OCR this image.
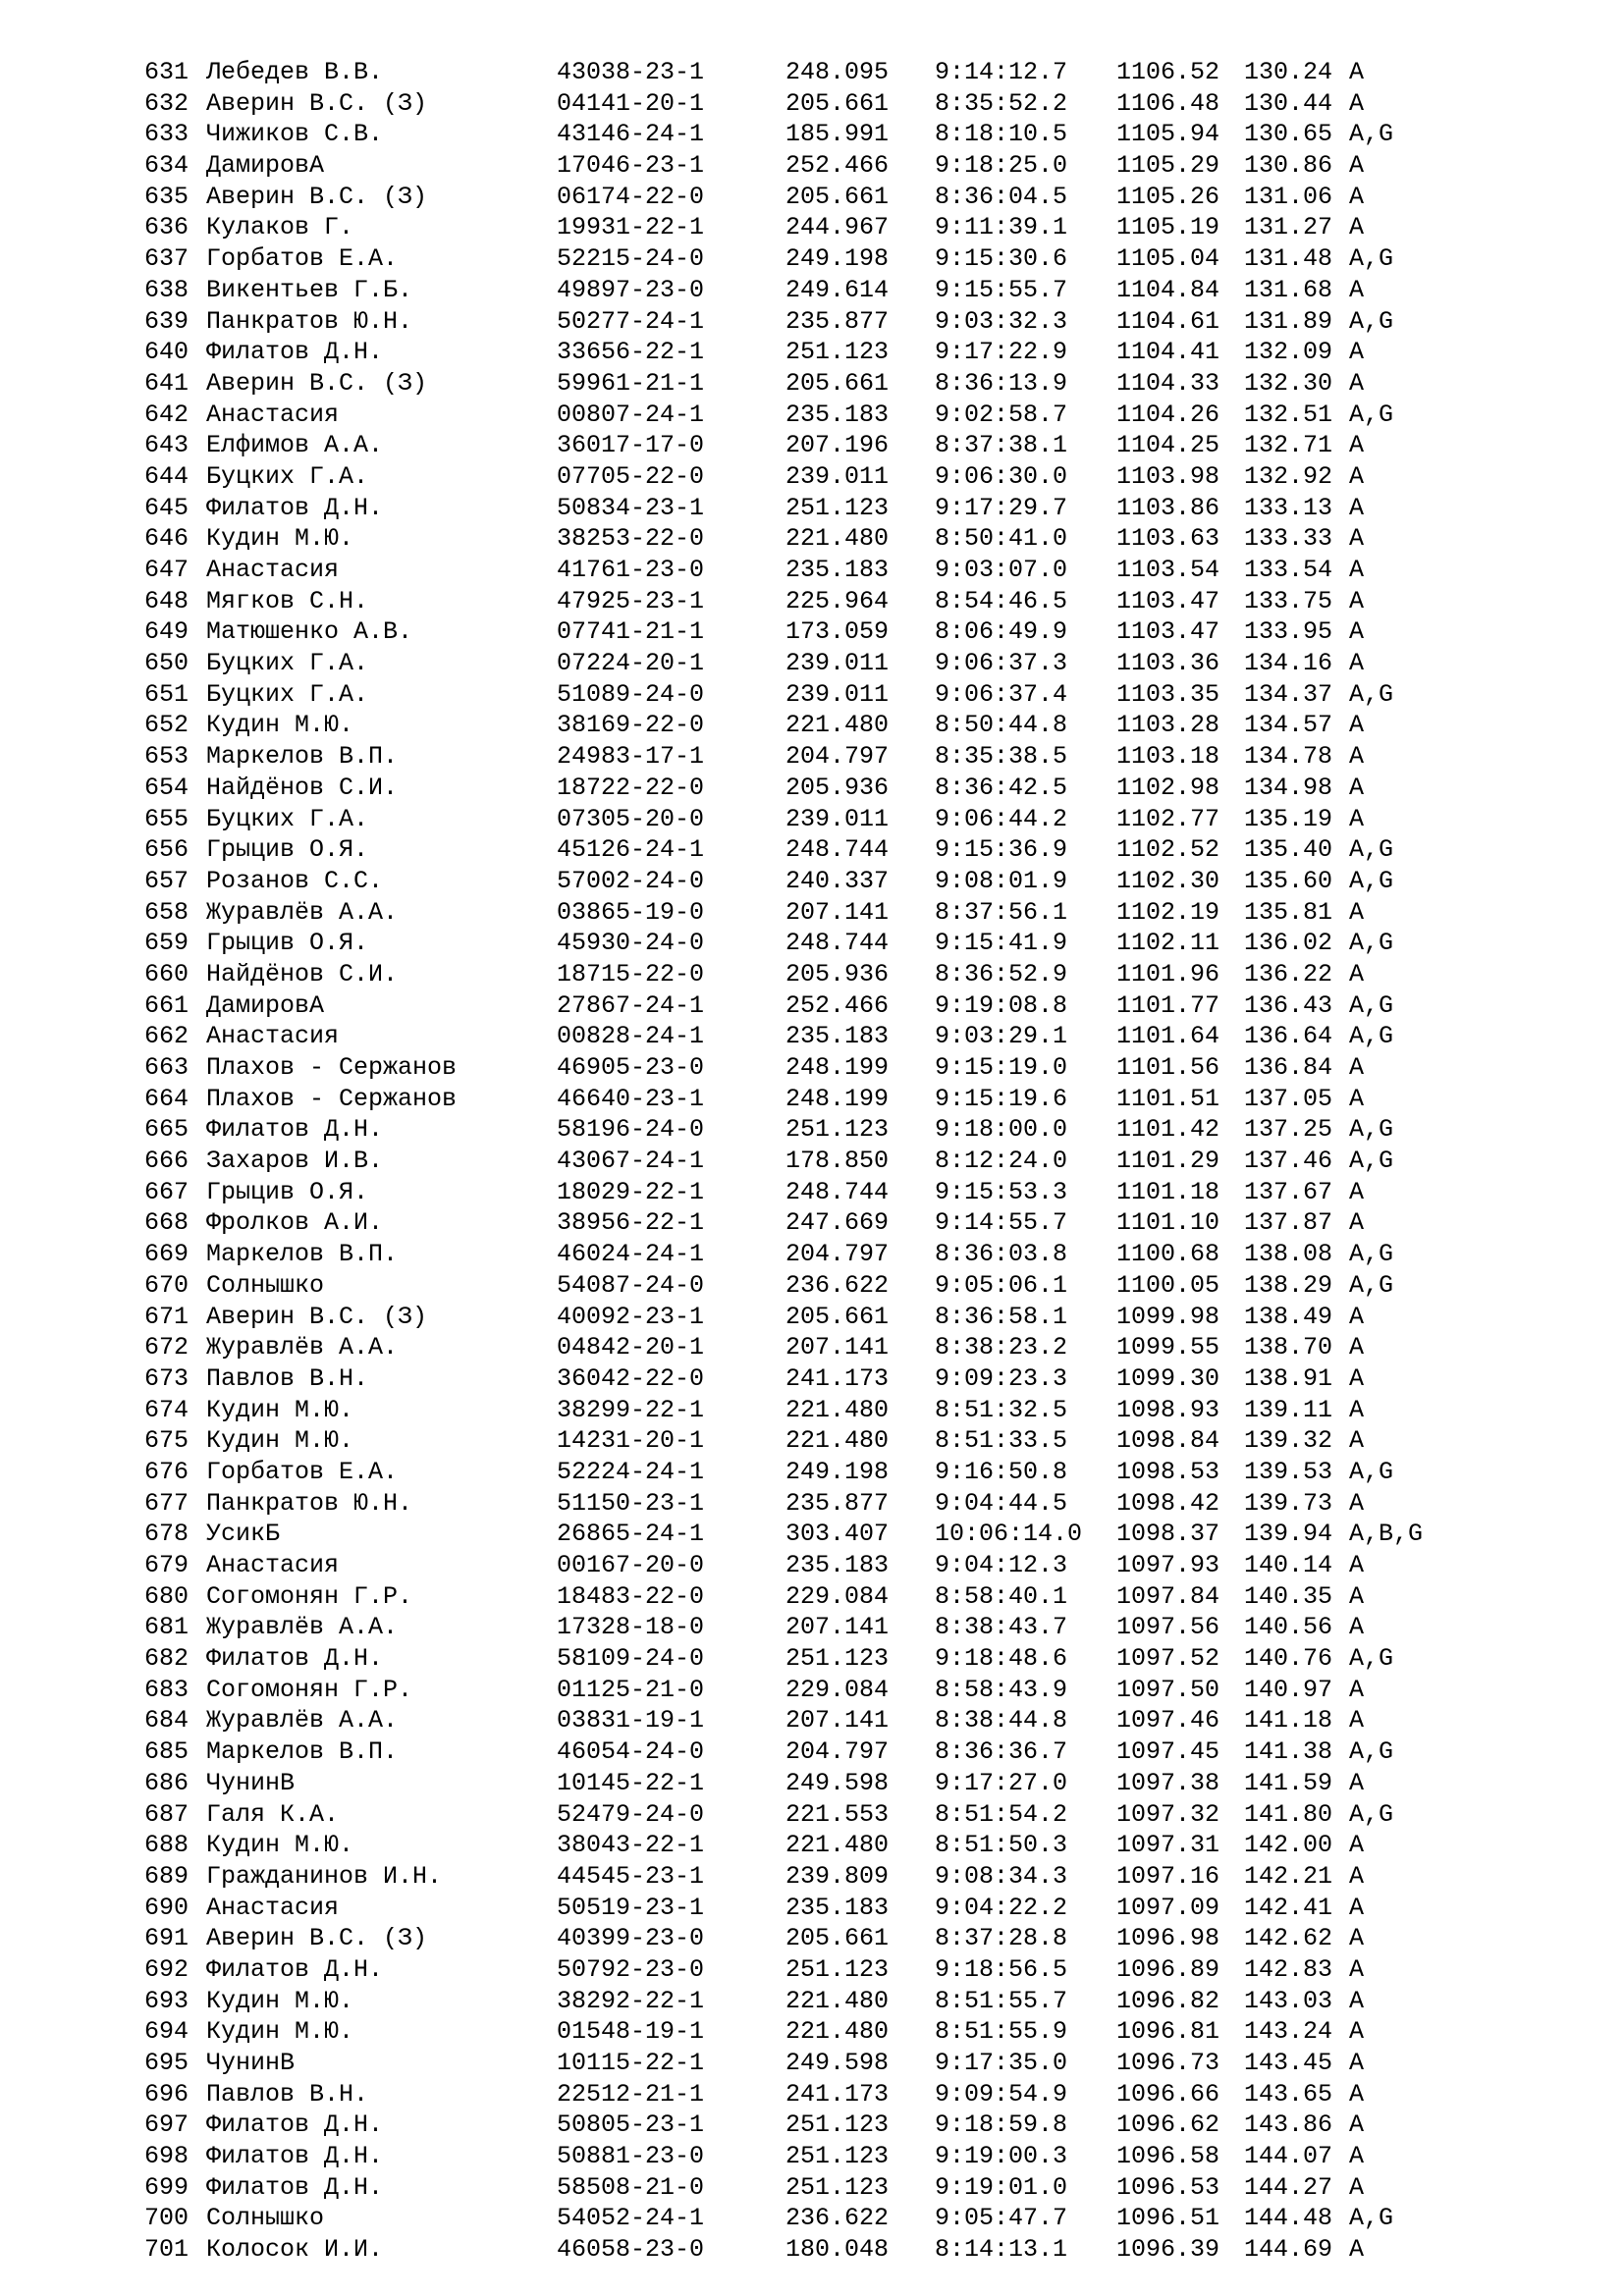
631 Лебедев В.В.	43038-23-1	248.095	9:14:12.7	1106.52 130.24 A
632 Аверин В.С. (З)	04141-20-1	205.661	8:35:52.2	1106.48 130.44 A
633 Чижиков С.В.	43146-24-1	185.991	8:18:10.5	1105.94 130.65 A,G
634 ДамировА	17046-23-1	252.466	9:18:25.0	1105.29 130.86 A
635 Аверин В.С. (З)	06174-22-0	205.661	8:36:04.5	1105.26 131.06 A
636 Кулаков Г.	19931-22-1	244.967	9:11:39.1	1105.19 131.27 A
637 Горбатов Е.А.	52215-24-0	249.198	9:15:30.6	1105.04 131.48 A,G
638 Викентьев Г.Б.	49897-23-0	249.614	9:15:55.7	1104.84 131.68 A
639 Панкратов Ю.Н.	50277-24-1	235.877	9:03:32.3	1104.61 131.89 A,G
640 Филатов Д.Н.	33656-22-1	251.123	9:17:22.9	1104.41 132.09 A
641 Аверин В.С. (З)	59961-21-1	205.661	8:36:13.9	1104.33 132.30 A
642 Анастасия	00807-24-1	235.183	9:02:58.7	1104.26 132.51 A,G
643 Елфимов А.А.	36017-17-0	207.196	8:37:38.1	1104.25 132.71 A
644 Буцких Г.А.	07705-22-0	239.011	9:06:30.0	1103.98 132.92 A
645 Филатов Д.Н.	50834-23-1	251.123	9:17:29.7	1103.86 133.13 A
646 Кудин М.Ю.	38253-22-0	221.480	8:50:41.0	1103.63 133.33 A
647 Анастасия	41761-23-0	235.183	9:03:07.0	1103.54 133.54 A
648 Мягков С.Н.	47925-23-1	225.964	8:54:46.5	1103.47 133.75 A
649 Матюшенко А.В.	07741-21-1	173.059	8:06:49.9	1103.47 133.95 A
650 Буцких Г.А.	07224-20-1	239.011	9:06:37.3	1103.36 134.16 A
651 Буцких Г.А.	51089-24-0	239.011	9:06:37.4	1103.35 134.37 A,G
652 Кудин М.Ю.	38169-22-0	221.480	8:50:44.8	1103.28 134.57 A
653 Маркелов В.П.	24983-17-1	204.797	8:35:38.5	1103.18 134.78 A
654 Найдёнов С.И.	18722-22-0	205.936	8:36:42.5	1102.98 134.98 A
655 Буцких Г.А.	07305-20-0	239.011	9:06:44.2	1102.77 135.19 A
656 Грыцив О.Я.	45126-24-1	248.744	9:15:36.9	1102.52 135.40 A,G
657 Розанов С.С.	57002-24-0	240.337	9:08:01.9	1102.30 135.60 A,G
658 Журавлёв А.А.	03865-19-0	207.141	8:37:56.1	1102.19 135.81 A
659 Грыцив О.Я.	45930-24-0	248.744	9:15:41.9	1102.11 136.02 A,G
660 Найдёнов С.И.	18715-22-0	205.936	8:36:52.9	1101.96 136.22 A
661 ДамировА	27867-24-1	252.466	9:19:08.8	1101.77 136.43 A,G
662 Анастасия	00828-24-1	235.183	9:03:29.1	1101.64 136.64 A,G
663 Плахов - Сержанов	46905-23-0	248.199	9:15:19.0	1101.56 136.84 A
664 Плахов - Сержанов	46640-23-1	248.199	9:15:19.6	1101.51 137.05 A
665 Филатов Д.Н.	58196-24-0	251.123	9:18:00.0	1101.42 137.25 A,G
666 Захаров И.В.	43067-24-1	178.850	8:12:24.0	1101.29 137.46 A,G
667 Грыцив О.Я.	18029-22-1	248.744	9:15:53.3	1101.18 137.67 A
668 Фролков А.И.	38956-22-1	247.669	9:14:55.7	1101.10 137.87 A
669 Маркелов В.П.	46024-24-1	204.797	8:36:03.8	1100.68 138.08 A,G
670 Солнышко	54087-24-0	236.622	9:05:06.1	1100.05 138.29 A,G
671 Аверин В.С. (З)	40092-23-1	205.661	8:36:58.1	1099.98 138.49 A
672 Журавлёв А.А.	04842-20-1	207.141	8:38:23.2	1099.55 138.70 A
673 Павлов В.Н.	36042-22-0	241.173	9:09:23.3	1099.30 138.91 A
674 Кудин М.Ю.	38299-22-1	221.480	8:51:32.5	1098.93 139.11 A
675 Кудин М.Ю.	14231-20-1	221.480	8:51:33.5	1098.84 139.32 A
676 Горбатов Е.А.	52224-24-1	249.198	9:16:50.8	1098.53 139.53 A,G
677 Панкратов Ю.Н.	51150-23-1	235.877	9:04:44.5	1098.42 139.73 A
678 УсикБ	26865-24-1	303.407	10:06:14.0	1098.37 139.94 A,B,G
679 Анастасия	00167-20-0	235.183	9:04:12.3	1097.93 140.14 A
680 Согомонян Г.Р.	18483-22-0	229.084	8:58:40.1	1097.84 140.35 A
681 Журавлёв А.А.	17328-18-0	207.141	8:38:43.7	1097.56 140.56 A
682 Филатов Д.Н.	58109-24-0	251.123	9:18:48.6	1097.52 140.76 A,G
683 Согомонян Г.Р.	01125-21-0	229.084	8:58:43.9	1097.50 140.97 A
684 Журавлёв А.А.	03831-19-1	207.141	8:38:44.8	1097.46 141.18 A
685 Маркелов В.П.	46054-24-0	204.797	8:36:36.7	1097.45 141.38 A,G
686 ЧунинВ	10145-22-1	249.598	9:17:27.0	1097.38 141.59 A
687 Галя К.А.	52479-24-0	221.553	8:51:54.2	1097.32 141.80 A,G
688 Кудин М.Ю.	38043-22-1	221.480	8:51:50.3	1097.31 142.00 A
689 Гражданинов И.Н.	44545-23-1	239.809	9:08:34.3	1097.16 142.21 A
690 Анастасия	50519-23-1	235.183	9:04:22.2	1097.09 142.41 A
691 Аверин В.С. (З)	40399-23-0	205.661	8:37:28.8	1096.98 142.62 A
692 Филатов Д.Н.	50792-23-0	251.123	9:18:56.5	1096.89 142.83 A
693 Кудин М.Ю.	38292-22-1	221.480	8:51:55.7	1096.82 143.03 A
694 Кудин М.Ю.	01548-19-1	221.480	8:51:55.9	1096.81 143.24 A
695 ЧунинВ	10115-22-1	249.598	9:17:35.0	1096.73 143.45 A
696 Павлов В.Н.	22512-21-1	241.173	9:09:54.9	1096.66 143.65 A
697 Филатов Д.Н.	50805-23-1	251.123	9:18:59.8	1096.62 143.86 A
698 Филатов Д.Н.	50881-23-0	251.123	9:19:00.3	1096.58 144.07 A
699 Филатов Д.Н.	58508-21-0	251.123	9:19:01.0	1096.53 144.27 A
700 Солнышко	54052-24-1	236.622	9:05:47.7	1096.51 144.48 A,G
701 Колосок И.И.	46058-23-0	180.048	8:14:13.1	1096.39 144.69 A
